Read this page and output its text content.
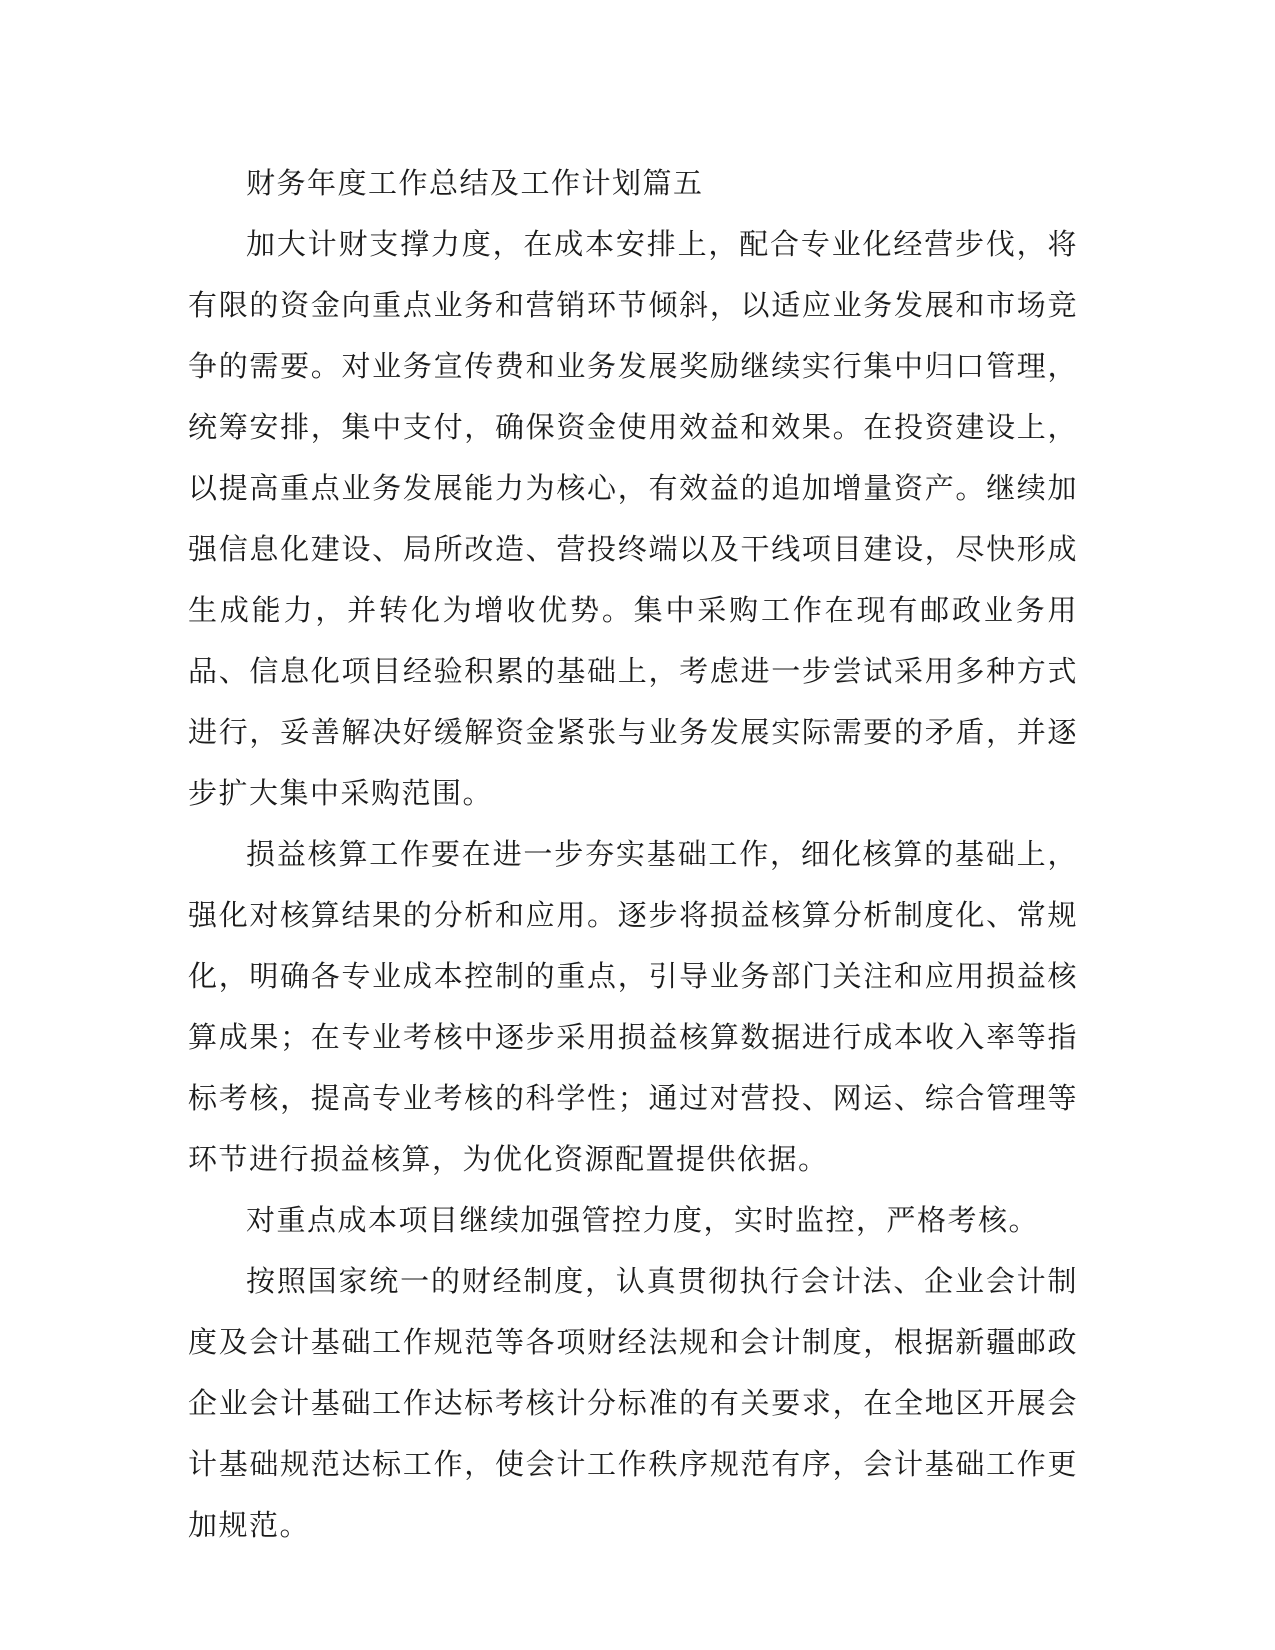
财务年度工作总结及工作计划篇五

加大计财支撑力度，在成本安排上，配合专业化经营步伐，将有限的资金向重点业务和营销环节倾斜，以适应业务发展和市场竞争的需要。对业务宣传费和业务发展奖励继续实行集中归口管理，统筹安排，集中支付，确保资金使用效益和效果。在投资建设上，以提高重点业务发展能力为核心，有效益的追加增量资产。继续加强信息化建设、局所改造、营投终端以及干线项目建设，尽快形成生成能力，并转化为增收优势。集中采购工作在现有邮政业务用品、信息化项目经验积累的基础上，考虑进一步尝试采用多种方式进行，妥善解决好缓解资金紧张与业务发展实际需要的矛盾，并逐步扩大集中采购范围。

损益核算工作要在进一步夯实基础工作，细化核算的基础上，强化对核算结果的分析和应用。逐步将损益核算分析制度化、常规化，明确各专业成本控制的重点，引导业务部门关注和应用损益核算成果；在专业考核中逐步采用损益核算数据进行成本收入率等指标考核，提高专业考核的科学性；通过对营投、网运、综合管理等环节进行损益核算，为优化资源配置提供依据。

对重点成本项目继续加强管控力度，实时监控，严格考核。

按照国家统一的财经制度，认真贯彻执行会计法、企业会计制度及会计基础工作规范等各项财经法规和会计制度，根据新疆邮政企业会计基础工作达标考核计分标准的有关要求，在全地区开展会计基础规范达标工作，使会计工作秩序规范有序，会计基础工作更加规范。
